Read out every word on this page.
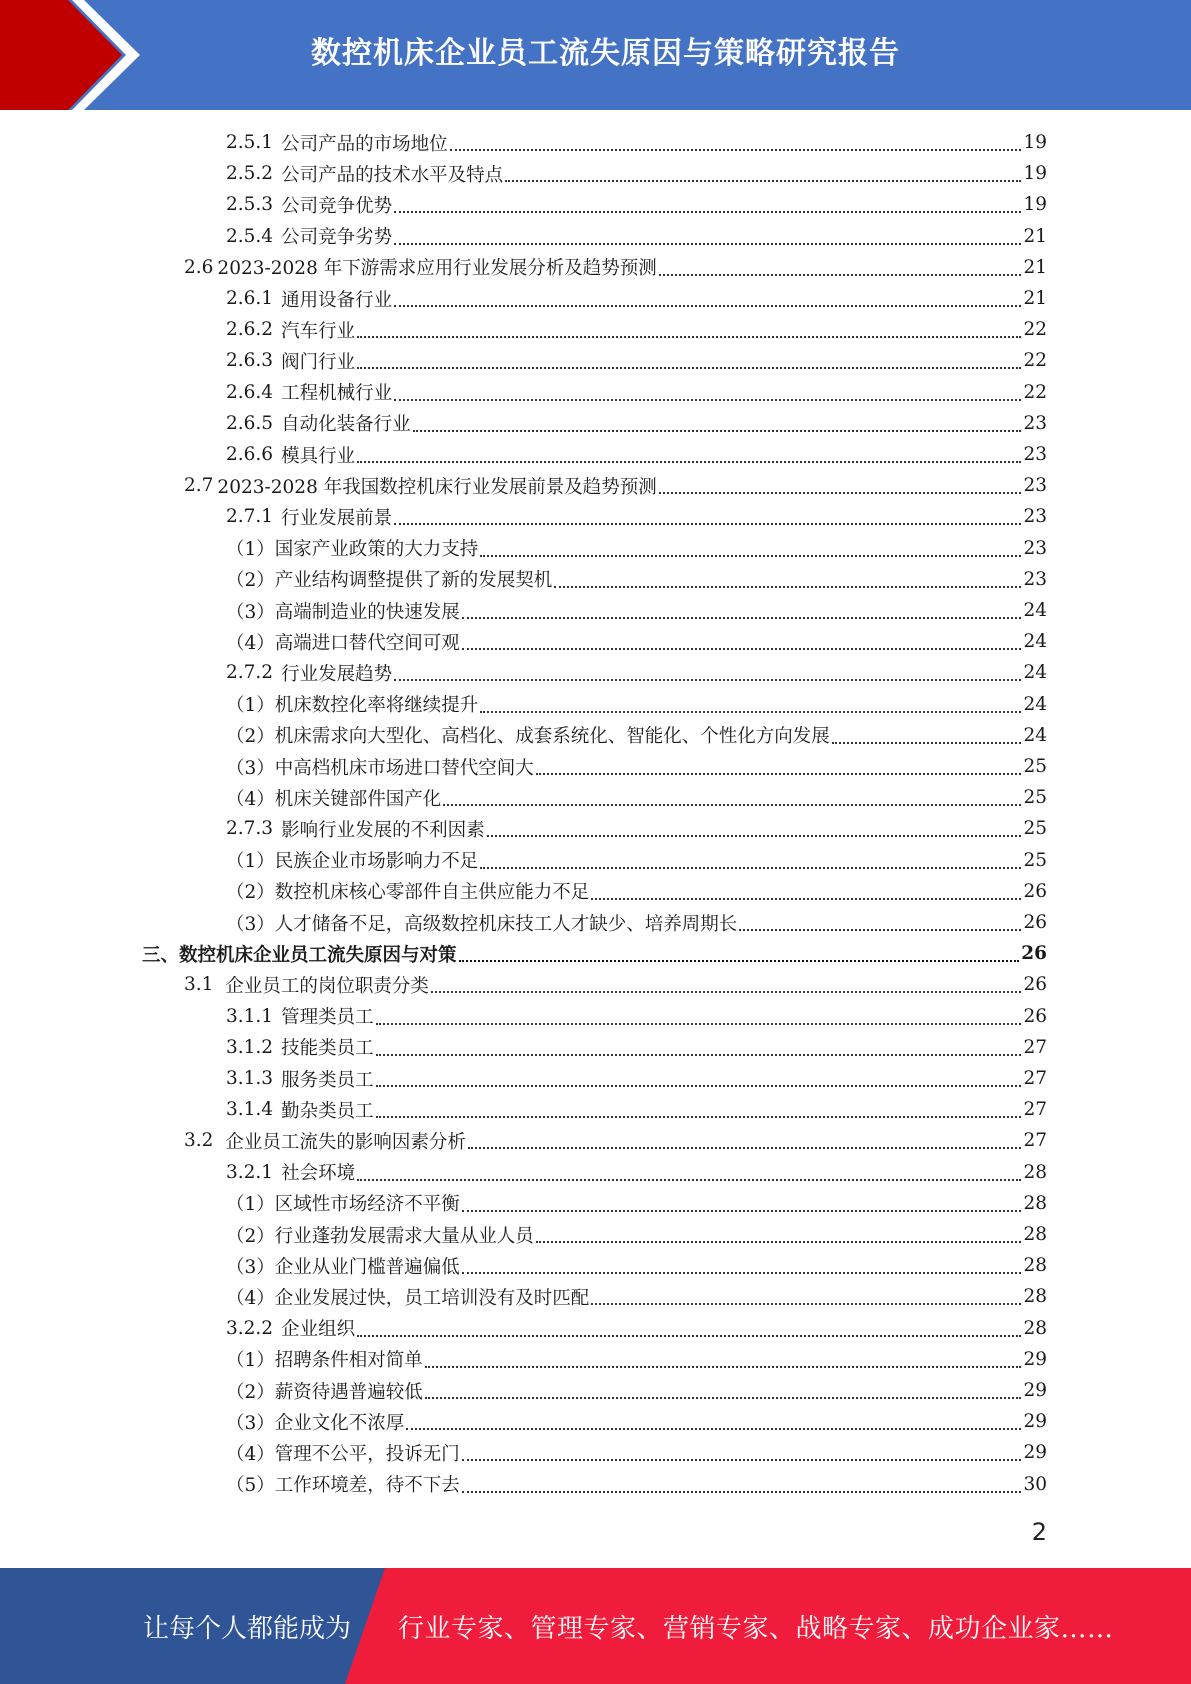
数控机床企业员工流失原因与策略研究报告
2.5.1 公司产品的市场地位	19
2.5.2 公司产品的技术水平及特点	19
2.5.3 公司竞争优势	19
2.5.4 公司竞争劣势	21
2.6 2023-2028 年下游需求应用行业发展分析及趋势预测	21
2.6.1 通用设备行业	21
2.6.2 汽车行业	22
2.6.3 阀门行业	22
2.6.4 工程机械行业	22
2.6.5 自动化装备行业	23
2.6.6 模具行业	23
2.7 2023-2028 年我国数控机床行业发展前景及趋势预测	23
2.7.1 行业发展前景	23
（1） 国家产业政策的大力支持	23
（2） 产业结构调整提供了新的发展契机	23
（3） 高端制造业的快速发展	24
（4） 高端进口替代空间可观	24
2.7.2 行业发展趋势	24
（1） 机床数控化率将继续提升	24
（2） 机床需求向大型化、高档化、成套系统化、智能化、个性化方向发展	24
（3） 中高档机床市场进口替代空间大	25
（4） 机床关键部件国产化	25
2.7.3 影响行业发展的不利因素	25
（1） 民族企业市场影响力不足	25
（2） 数控机床核心零部件自主供应能力不足	26
（3） 人才储备不足，高级数控机床技工人才缺少、培养周期长	26
三、 数控机床企业员工流失原因与对策	26
3.1 企业员工的岗位职责分类	26
3.1.1 管理类员工	26
3.1.2 技能类员工	27
3.1.3 服务类员工	27
3.1.4 勤杂类员工	27
3.2 企业员工流失的影响因素分析	27
3.2.1 社会环境	28
（1） 区域性市场经济不平衡	28
（2） 行业蓬勃发展需求大量从业人员	28
（3） 企业从业门槛普遍偏低	28
（4） 企业发展过快，员工培训没有及时匹配	28
3.2.2 企业组织	28
（1） 招聘条件相对简单	29
（2） 薪资待遇普遍较低	29
（3） 企业文化不浓厚	29
（4） 管理不公平，投诉无门	29
（5） 工作环境差，待不下去	30
2
让每个人都能成为 行业专家、管理专家、营销专家、战略专家、成功企业家……
